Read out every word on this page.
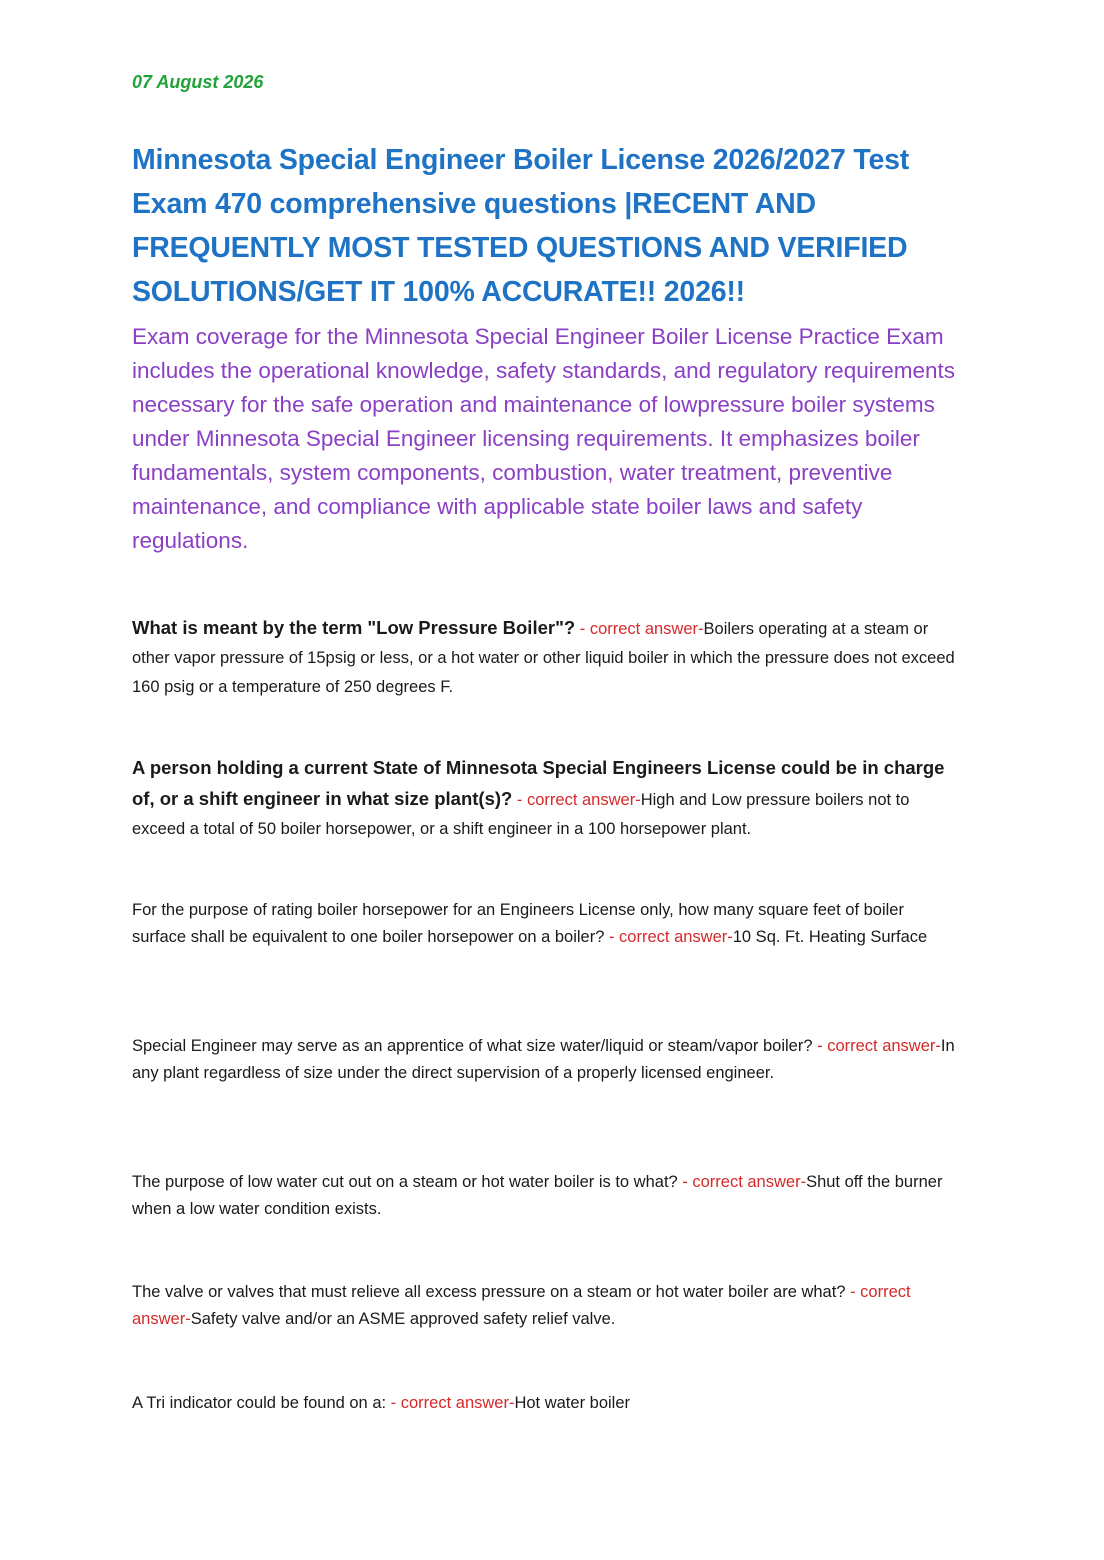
07 August 2026
Minnesota Special Engineer Boiler License 2026/2027 Test Exam 470 comprehensive questions |RECENT AND FREQUENTLY MOST TESTED QUESTIONS AND VERIFIED SOLUTIONS/GET IT 100% ACCURATE!! 2026!!

Exam coverage for the Minnesota Special Engineer Boiler License Practice Exam includes the operational knowledge, safety standards, and regulatory requirements necessary for the safe operation and maintenance of lowpressure boiler systems under Minnesota Special Engineer licensing requirements. It emphasizes boiler fundamentals, system components, combustion, water treatment, preventive maintenance, and compliance with applicable state boiler laws and safety regulations.

What is meant by the term "Low Pressure Boiler"? - correct answer-Boilers operating at a steam or other vapor pressure of 15psig or less, or a hot water or other liquid boiler in which the pressure does not exceed 160 psig or a temperature of 250 degrees F.

A person holding a current State of Minnesota Special Engineers License could be in charge of, or a shift engineer in what size plant(s)? - correct answer-High and Low pressure boilers not to exceed a total of 50 boiler horsepower, or a shift engineer in a 100 horsepower plant.

For the purpose of rating boiler horsepower for an Engineers License only, how many square feet of boiler surface shall be equivalent to one boiler horsepower on a boiler? - correct answer-10 Sq. Ft. Heating Surface

Special Engineer may serve as an apprentice of what size water/liquid or steam/vapor boiler? - correct answer-In any plant regardless of size under the direct supervision of a properly licensed engineer.

The purpose of low water cut out on a steam or hot water boiler is to what? - correct answer-Shut off the burner when a low water condition exists.

The valve or valves that must relieve all excess pressure on a steam or hot water boiler are what? - correct answer-Safety valve and/or an ASME approved safety relief valve.

A Tri indicator could be found on a: - correct answer-Hot water boiler
